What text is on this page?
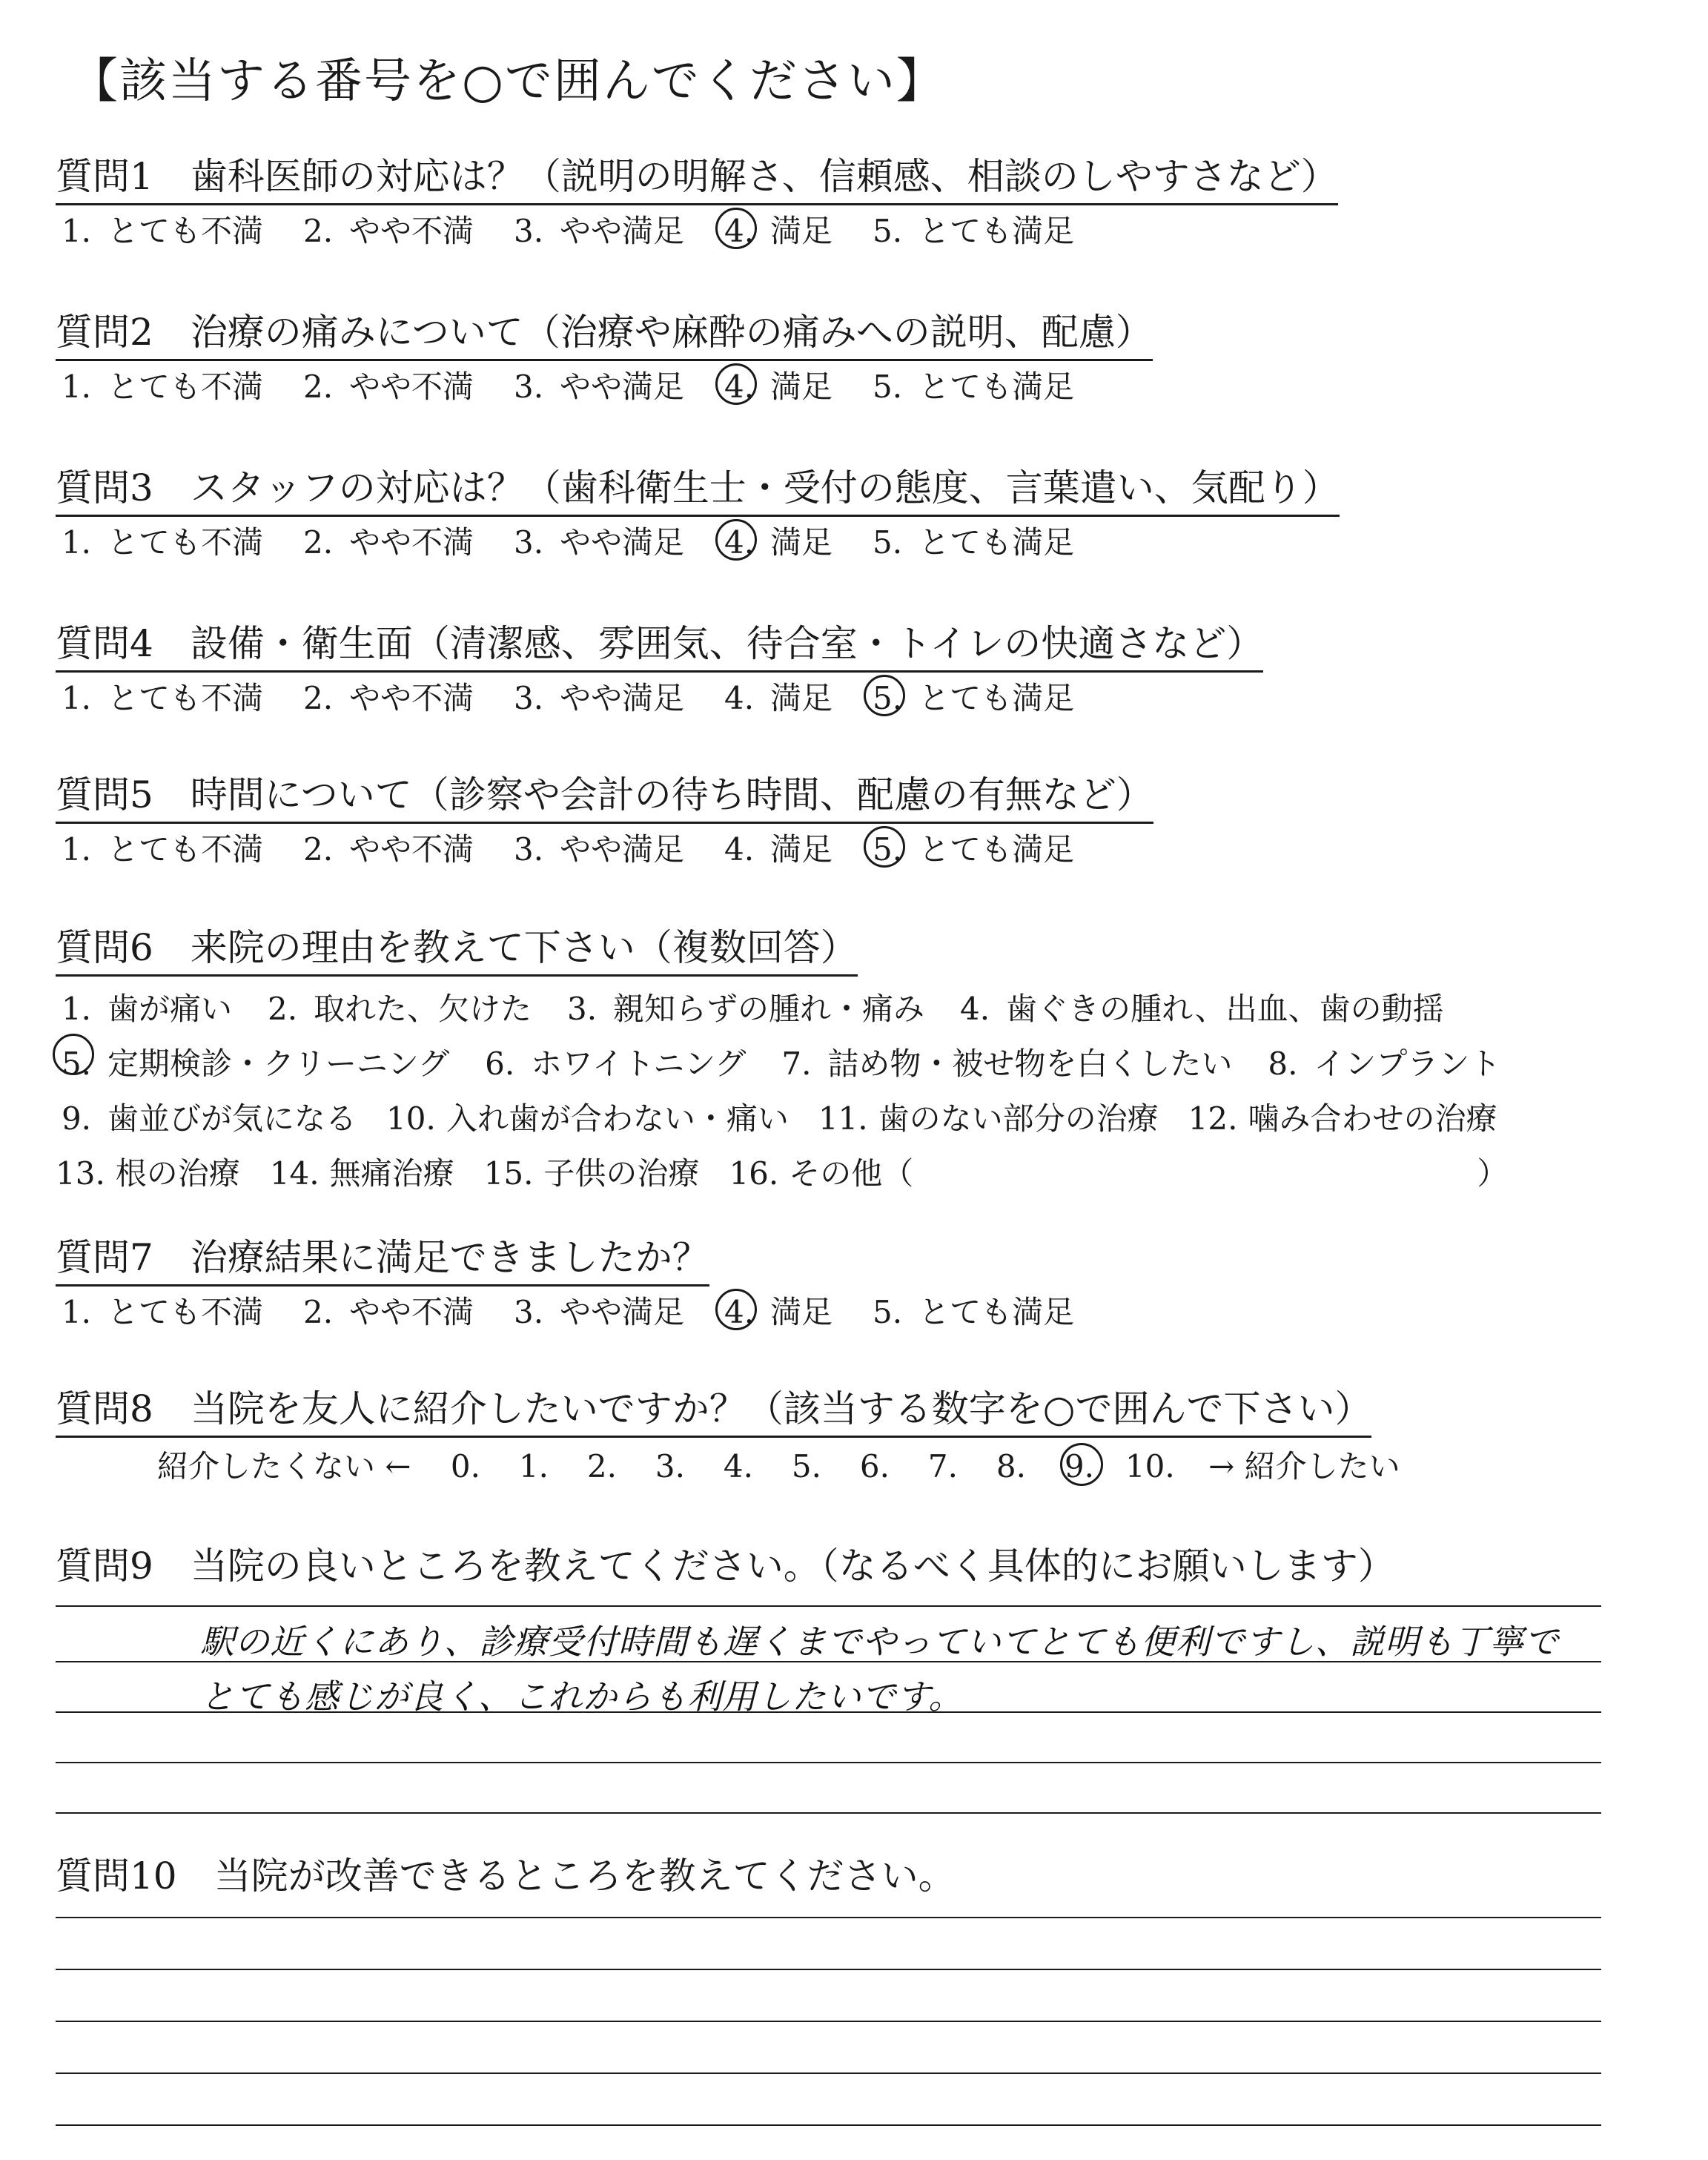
【該当する番号を○で囲んでください】
質問1 歯科医師の対応は？（説明の明解さ、信頼感、相談のしやすさなど）
1. とても不満 2. やや不満 3. やや満足 4. 満足 5. とても満足
質問2 治療の痛みについて（治療や麻酔の痛みへの説明、配慮）
1. とても不満 2. やや不満 3. やや満足 4. 満足 5. とても満足
質問3 スタッフの対応は？（歯科衛生士・受付の態度、言葉遣い、気配り）
1. とても不満 2. やや不満 3. やや満足 4. 満足 5. とても満足
質問4 設備・衛生面（清潔感、雰囲気、待合室・トイレの快適さなど）
1. とても不満 2. やや不満 3. やや満足 4. 満足 5. とても満足
質問5 時間について（診察や会計の待ち時間、配慮の有無など）
1. とても不満 2. やや不満 3. やや満足 4. 満足 5. とても満足
質問6 来院の理由を教えて下さい（複数回答）
1. 歯が痛い 2. 取れた、欠けた 3. 親知らずの腫れ・痛み 4. 歯ぐきの腫れ、出血、歯の動揺
5. 定期検診・クリーニング 6. ホワイトニング 7. 詰め物・被せ物を白くしたい 8. インプラント
9. 歯並びが気になる 10. 入れ歯が合わない・痛い 11. 歯のない部分の治療 12. 噛み合わせの治療
13. 根の治療 14. 無痛治療 15. 子供の治療 16. その他（	）
質問7 治療結果に満足できましたか？
1. とても不満 2. やや不満 3. やや満足 4. 満足 5. とても満足
質問8 当院を友人に紹介したいですか？（該当する数字を○で囲んで下さい）
紹介したくない ← 0. 1. 2. 3. 4. 5. 6. 7. 8. 9. 10. → 紹介したい
質問9 当院の良いところを教えてください。（なるべく具体的にお願いします）
駅の近くにあり、診療受付時間も遅くまでやっていてとても便利ですし、説明も丁寧で
とても感じが良く、これからも利用したいです。
質問10 当院が改善できるところを教えてください。
